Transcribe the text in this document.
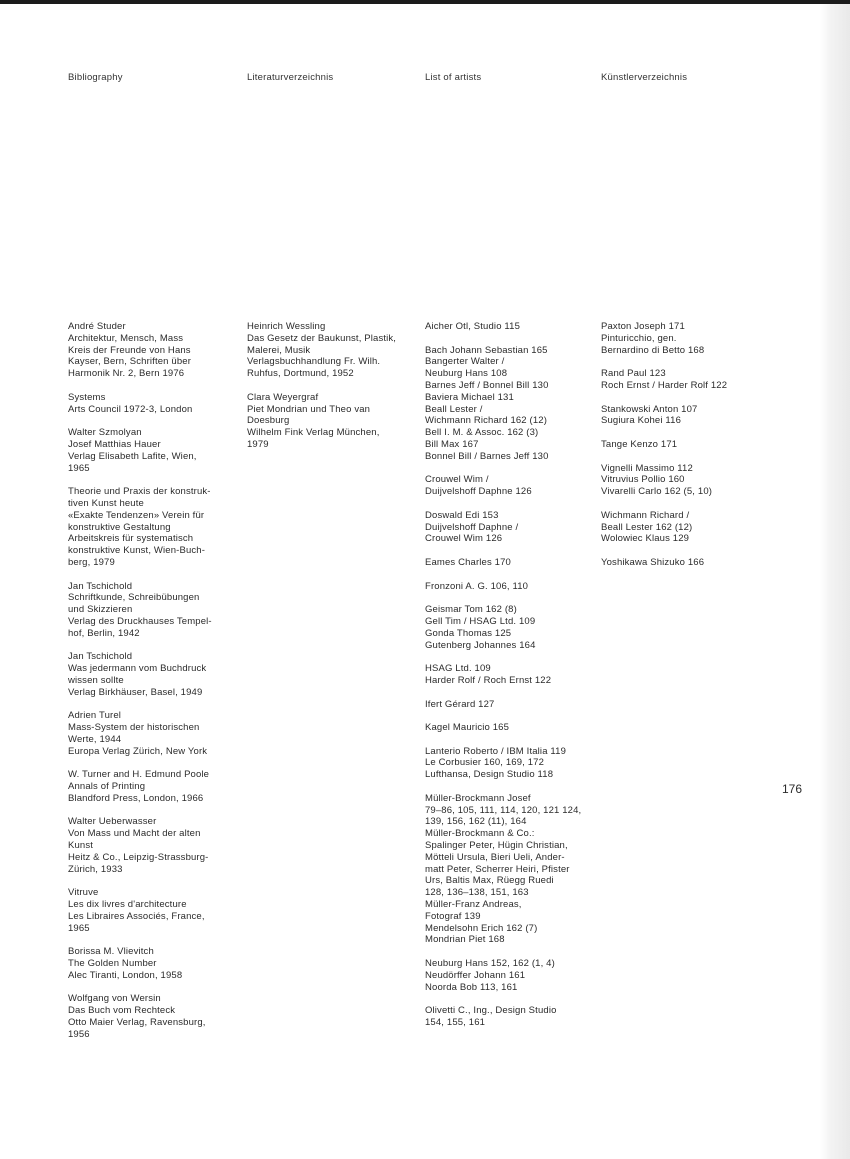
Bibliography	Literaturverzeichnis	List of artists	Künstlerverzeichnis
André Studer
Architektur, Mensch, Mass
Kreis der Freunde von Hans
Kayser, Bern, Schriften über
Harmonik Nr. 2, Bern 1976
Systems
Arts Council 1972-3, London
Walter Szmolyan
Josef Matthias Hauer
Verlag Elisabeth Lafite, Wien,
1965
Theorie und Praxis der konstruk-
tiven Kunst heute
«Exakte Tendenzen» Verein für
konstruktive Gestaltung
Arbeitskreis für systematisch
konstruktive Kunst, Wien-Buch-
berg, 1979
Jan Tschichold
Schriftkunde, Schreibübungen
und Skizzieren
Verlag des Druckhauses Tempel-
hof, Berlin, 1942
Jan Tschichold
Was jedermann vom Buchdruck
wissen sollte
Verlag Birkhäuser, Basel, 1949
Adrien Turel
Mass-System der historischen
Werte, 1944
Europa Verlag Zürich, New York
W. Turner and H. Edmund Poole
Annals of Printing
Blandford Press, London, 1966
Walter Ueberwasser
Von Mass und Macht der alten
Kunst
Heitz & Co., Leipzig-Strassburg-
Zürich, 1933
Vitruve
Les dix livres d'architecture
Les Libraires Associés, France,
1965
Borissa M. Vlievitch
The Golden Number
Alec Tiranti, London, 1958
Wolfgang von Wersin
Das Buch vom Rechteck
Otto Maier Verlag, Ravensburg,
1956
Heinrich Wessling
Das Gesetz der Baukunst, Plastik,
Malerei, Musik
Verlagsbuchhandlung Fr. Wilh.
Ruhfus, Dortmund, 1952
Clara Weyergraf
Piet Mondrian und Theo van
Doesburg
Wilhelm Fink Verlag München,
1979
Aicher Otl, Studio 115
Bach Johann Sebastian 165
Bangerter Walter /
Neuburg Hans 108
Barnes Jeff / Bonnel Bill 130
Baviera Michael 131
Beall Lester /
Wichmann Richard 162 (12)
Bell I. M. & Assoc. 162 (3)
Bill Max 167
Bonnel Bill / Barnes Jeff 130
Crouwel Wim /
Duijvelshoff Daphne 126
Doswald Edi 153
Duijvelshoff Daphne /
Crouwel Wim 126
Eames Charles 170
Fronzoni A. G. 106, 110
Geismar Tom 162 (8)
Gell Tim / HSAG Ltd. 109
Gonda Thomas 125
Gutenberg Johannes 164
HSAG Ltd. 109
Harder Rolf / Roch Ernst 122
Ifert Gérard 127
Kagel Mauricio 165
Lanterio Roberto / IBM Italia 119
Le Corbusier 160, 169, 172
Lufthansa, Design Studio 118
Müller-Brockmann Josef
79–86, 105, 111, 114, 120, 121 124,
139, 156, 162 (11), 164
Müller-Brockmann & Co.:
Spalinger Peter, Hügin Christian,
Mötteli Ursula, Bieri Ueli, Ander-
matt Peter, Scherrer Heiri, Pfister
Urs, Baltis Max, Rüegg Ruedi
128, 136–138, 151, 163
Müller-Franz Andreas,
Fotograf 139
Mendelsohn Erich 162 (7)
Mondrian Piet 168
Neuburg Hans 152, 162 (1, 4)
Neudörffer Johann 161
Noorda Bob 113, 161
Olivetti C., Ing., Design Studio
154, 155, 161
Paxton Joseph 171
Pinturicchio, gen.
Bernardino di Betto 168
Rand Paul 123
Roch Ernst / Harder Rolf 122
Stankowski Anton 107
Sugiura Kohei 116
Tange Kenzo 171
Vignelli Massimo 112
Vitruvius Pollio 160
Vivarelli Carlo 162 (5, 10)
Wichmann Richard /
Beall Lester 162 (12)
Wolowiec Klaus 129
Yoshikawa Shizuko 166
176
